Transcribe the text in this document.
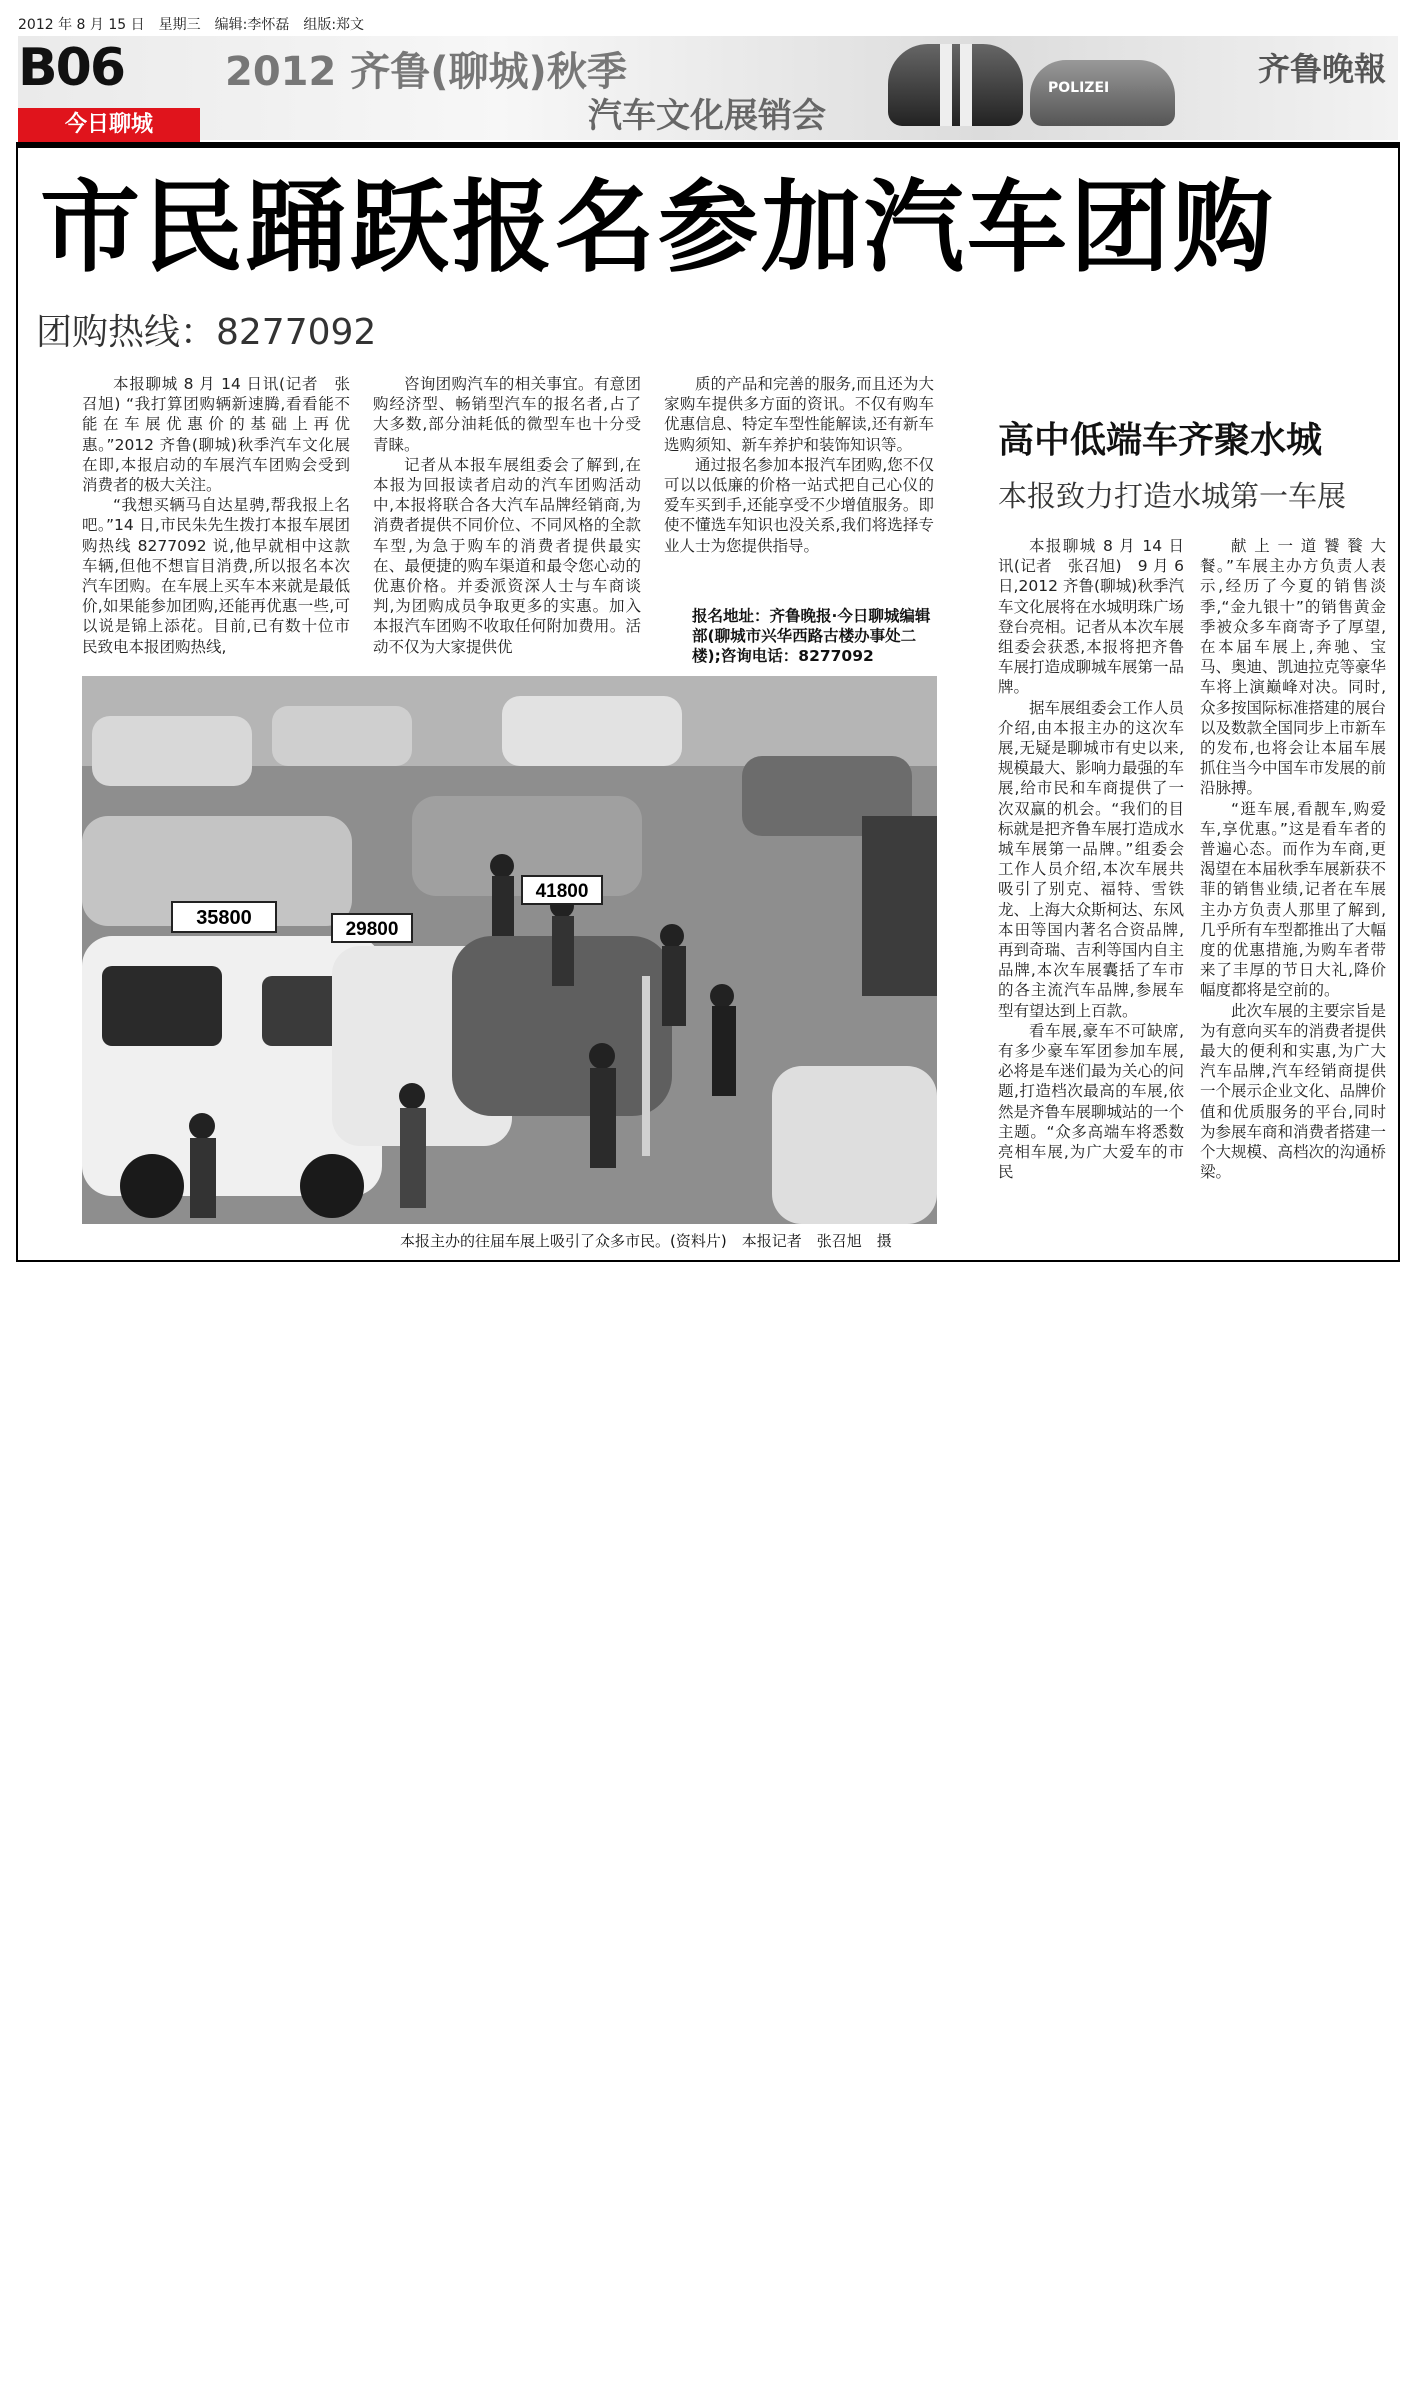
2012 年 8 月 15 日　星期三　编辑:李怀磊　组版:郑文
B06	2012 齐鲁(聊城)秋季
汽车文化展销会
POLIZEI	齐鲁晚報
今日聊城
市民踊跃报名参加汽车团购
团购热线：8277092

本报聊城 8 月 14 日讯(记者　张召旭) “我打算团购辆新速腾,看看能不能在车展优惠价的基础上再优惠。”2012 齐鲁(聊城)秋季汽车文化展在即,本报启动的车展汽车团购会受到消费者的极大关注。

“我想买辆马自达星骋,帮我报上名吧。”14 日,市民朱先生拨打本报车展团购热线 8277092 说,他早就相中这款车辆,但他不想盲目消费,所以报名本次汽车团购。在车展上买车本来就是最低价,如果能参加团购,还能再优惠一些,可以说是锦上添花。目前,已有数十位市民致电本报团购热线,

咨询团购汽车的相关事宜。有意团购经济型、畅销型汽车的报名者,占了大多数,部分油耗低的微型车也十分受青睐。

记者从本报车展组委会了解到,在本报为回报读者启动的汽车团购活动中,本报将联合各大汽车品牌经销商,为消费者提供不同价位、不同风格的全款车型,为急于购车的消费者提供最实在、最便捷的购车渠道和最令您心动的优惠价格。并委派资深人士与车商谈判,为团购成员争取更多的实惠。加入本报汽车团购不收取任何附加费用。活动不仅为大家提供优

质的产品和完善的服务,而且还为大家购车提供多方面的资讯。不仅有购车优惠信息、特定车型性能解读,还有新车选购须知、新车养护和装饰知识等。

通过报名参加本报汽车团购,您不仅可以以低廉的价格一站式把自己心仪的爱车买到手,还能享受不少增值服务。即使不懂选车知识也没关系,我们将选择专业人士为您提供指导。

报名地址：齐鲁晚报·今日聊城编辑部(聊城市兴华西路古楼办事处二楼);咨询电话：8277092
35800
29800
41800
本报主办的往届车展上吸引了众多市民。(资料片)　本报记者　张召旭　摄
高中低端车齐聚水城
本报致力打造水城第一车展

本报聊城 8 月 14 日讯(记者　张召旭)　9 月 6 日,2012 齐鲁(聊城)秋季汽车文化展将在水城明珠广场登台亮相。记者从本次车展组委会获悉,本报将把齐鲁车展打造成聊城车展第一品牌。

据车展组委会工作人员介绍,由本报主办的这次车展,无疑是聊城市有史以来,规模最大、影响力最强的车展,给市民和车商提供了一次双赢的机会。“我们的目标就是把齐鲁车展打造成水城车展第一品牌。”组委会工作人员介绍,本次车展共吸引了别克、福特、雪铁龙、上海大众斯柯达、东风本田等国内著名合资品牌,再到奇瑞、吉利等国内自主品牌,本次车展囊括了车市的各主流汽车品牌,参展车型有望达到上百款。

看车展,豪车不可缺席,有多少豪车军团参加车展,必将是车迷们最为关心的问题,打造档次最高的车展,依然是齐鲁车展聊城站的一个主题。“众多高端车将悉数亮相车展,为广大爱车的市民

献上一道饕餮大餐。”车展主办方负责人表示,经历了今夏的销售淡季,“金九银十”的销售黄金季被众多车商寄予了厚望,在本届车展上,奔驰、宝马、奥迪、凯迪拉克等豪华车将上演巅峰对决。同时,众多按国际标准搭建的展台以及数款全国同步上市新车的发布,也将会让本届车展抓住当今中国车市发展的前沿脉搏。

“逛车展,看靓车,购爱车,享优惠。”这是看车者的普遍心态。而作为车商,更渴望在本届秋季车展新获不菲的销售业绩,记者在车展主办方负责人那里了解到,几乎所有车型都推出了大幅度的优惠措施,为购车者带来了丰厚的节日大礼,降价幅度都将是空前的。

此次车展的主要宗旨是为有意向买车的消费者提供最大的便利和实惠,为广大汽车品牌,汽车经销商提供一个展示企业文化、品牌价值和优质服务的平台,同时为参展车商和消费者搭建一个大规模、高档次的沟通桥梁。
